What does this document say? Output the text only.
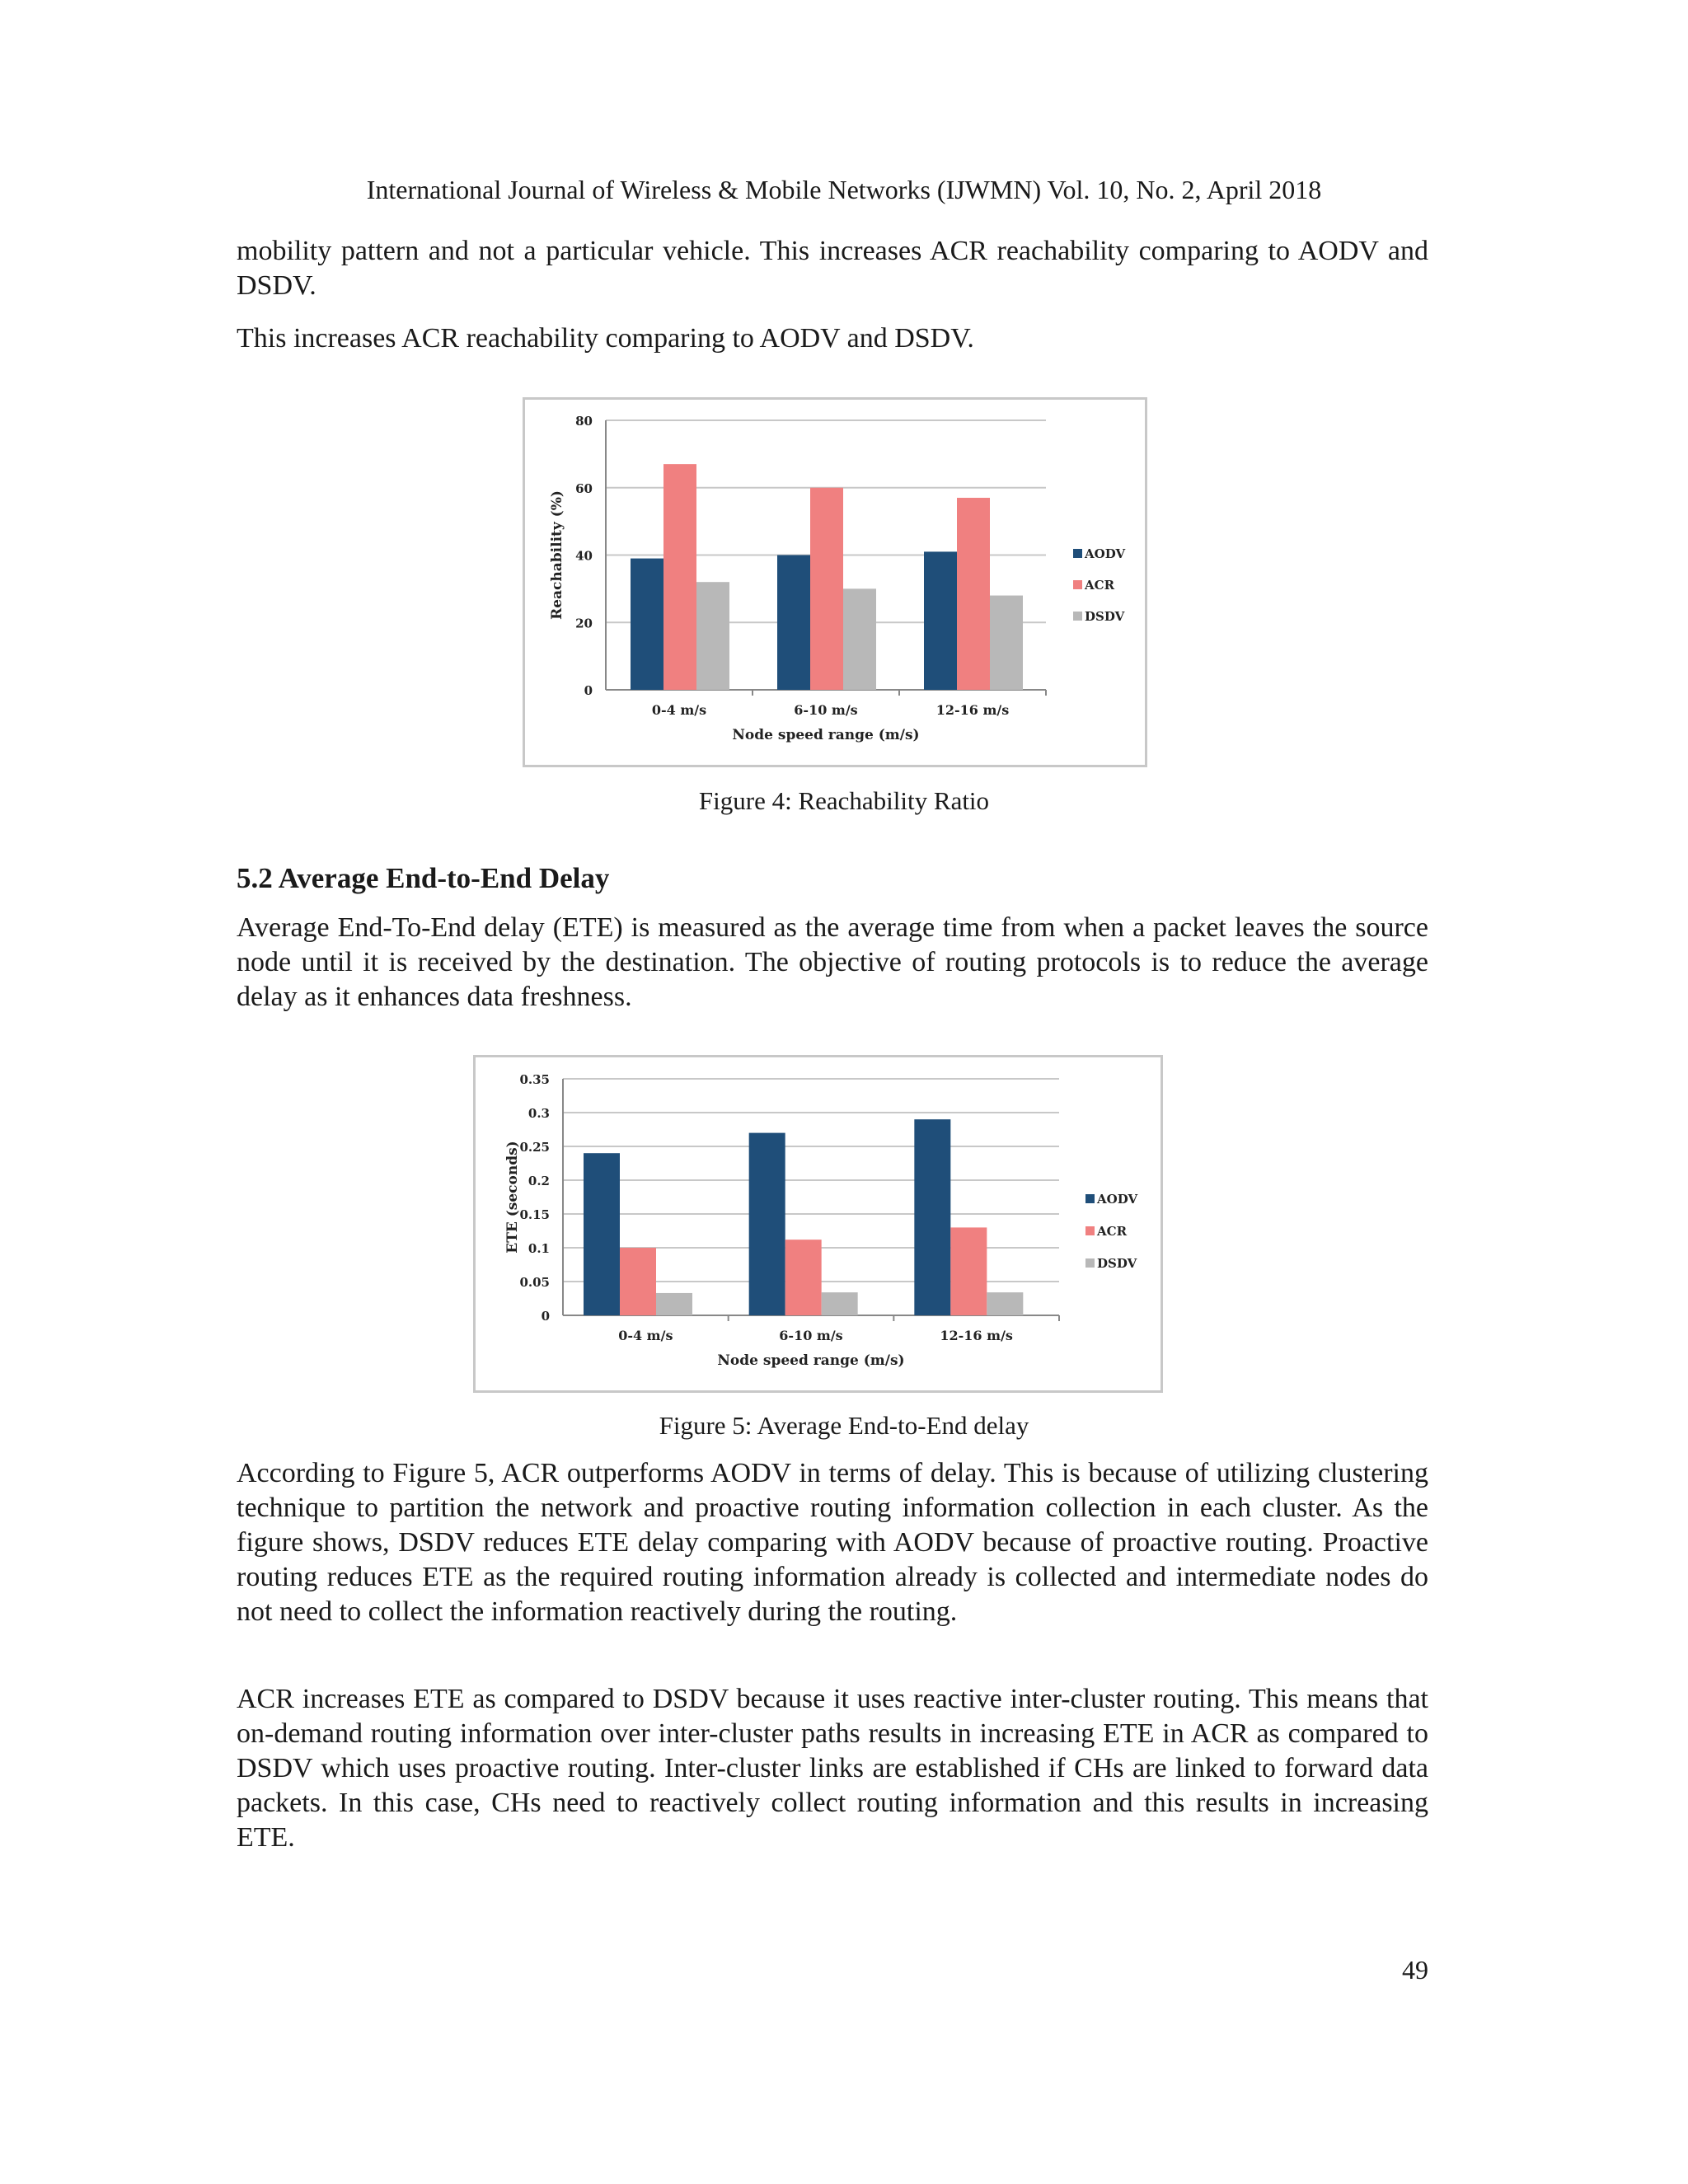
International Journal of Wireless & Mobile Networks (IJWMN) Vol. 10, No. 2, April 2018

mobility pattern and not a particular vehicle. This increases ACR reachability comparing to AODV and DSDV.

This increases ACR reachability comparing to AODV and DSDV.

0
20
40
60
80
0-4 m/s	6-10 m/s	12-16 m/s
Node speed range (m/s)
Reachability (%)	AODV
ACR
DSDV
Figure 4: Reachability Ratio
5.2 Average End-to-End Delay

Average End-To-End delay (ETE) is measured as the average time from when a packet leaves the source node until it is received by the destination. The objective of routing protocols is to reduce the average delay as it enhances data freshness.

0
0.05
0.1
0.15
0.2
0.25
0.3
0.35
0-4 m/s	6-10 m/s	12-16 m/s
Node speed range (m/s)
ETE (seconds)	AODV
ACR
DSDV
Figure 5: Average End-to-End delay

According to Figure 5, ACR outperforms AODV in terms of delay. This is because of utilizing clustering technique to partition the network and proactive routing information collection in each cluster. As the figure shows, DSDV reduces ETE delay comparing with AODV because of proactive routing. Proactive routing reduces ETE as the required routing information already is collected and intermediate nodes do not need to collect the information reactively during the routing.

ACR increases ETE as compared to DSDV because it uses reactive inter-cluster routing. This means that on-demand routing information over inter-cluster paths results in increasing ETE in ACR as compared to DSDV which uses proactive routing. Inter-cluster links are established if CHs are linked to forward data packets. In this case, CHs need to reactively collect routing information and this results in increasing ETE.

49
